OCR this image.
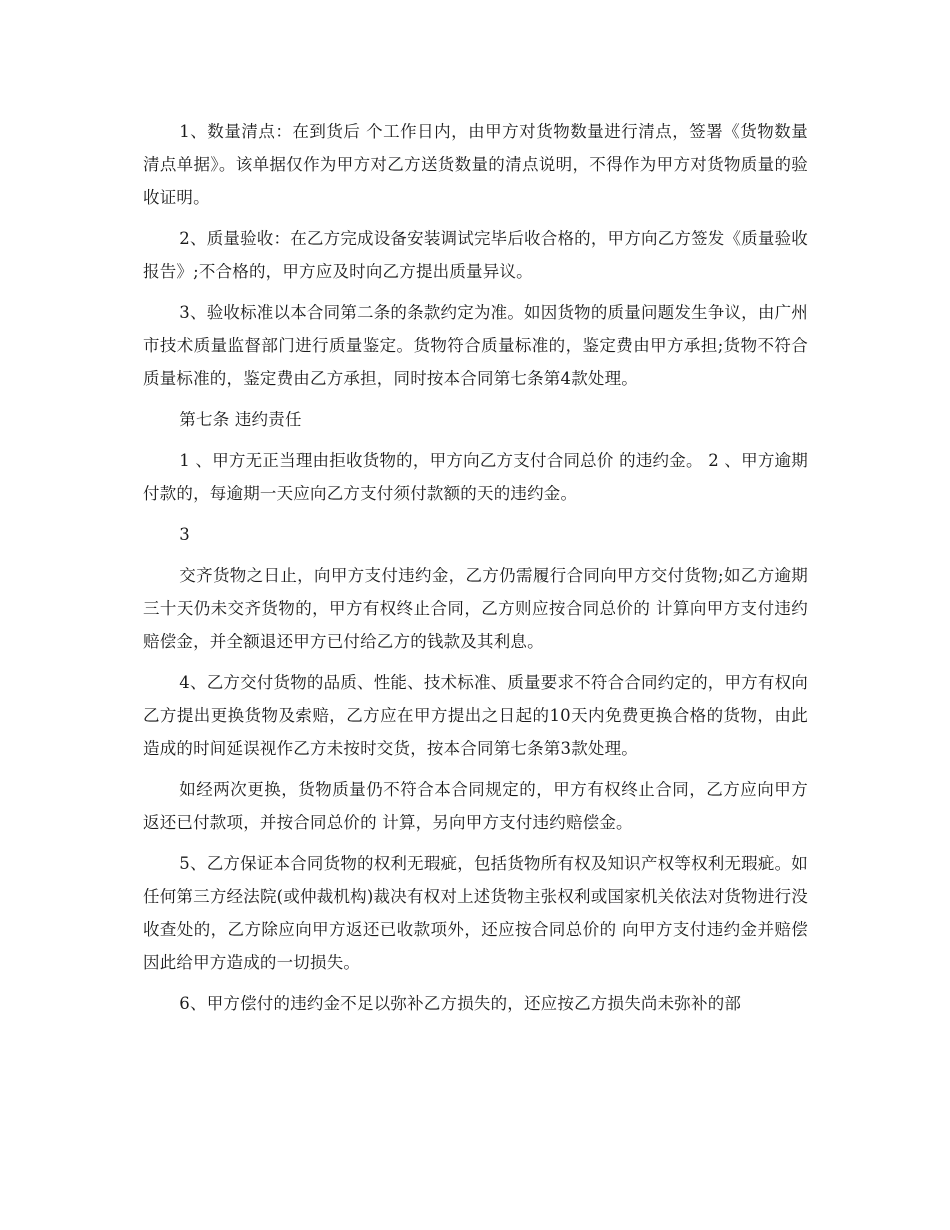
1、数量清点：在到货后 个工作日内，由甲方对货物数量进行清点，签署《货物数量清点单据》。该单据仅作为甲方对乙方送货数量的清点说明，不得作为甲方对货物质量的验收证明。

2、质量验收：在乙方完成设备安装调试完毕后收合格的，甲方向乙方签发《质量验收报告》;不合格的，甲方应及时向乙方提出质量异议。

3、验收标准以本合同第二条的条款约定为准。如因货物的质量问题发生争议，由广州市技术质量监督部门进行质量鉴定。货物符合质量标准的，鉴定费由甲方承担;货物不符合质量标准的，鉴定费由乙方承担，同时按本合同第七条第4款处理。

第七条 违约责任

1 、甲方无正当理由拒收货物的，甲方向乙方支付合同总价 的违约金。 2 、甲方逾期付款的，每逾期一天应向乙方支付须付款额的天的违约金。

3

交齐货物之日止，向甲方支付违约金，乙方仍需履行合同向甲方交付货物;如乙方逾期三十天仍未交齐货物的，甲方有权终止合同，乙方则应按合同总价的 计算向甲方支付违约赔偿金，并全额退还甲方已付给乙方的钱款及其利息。

4、乙方交付货物的品质、性能、技术标准、质量要求不符合合同约定的，甲方有权向乙方提出更换货物及索赔，乙方应在甲方提出之日起的10天内免费更换合格的货物，由此造成的时间延误视作乙方未按时交货，按本合同第七条第3款处理。

如经两次更换，货物质量仍不符合本合同规定的，甲方有权终止合同，乙方应向甲方返还已付款项，并按合同总价的 计算，另向甲方支付违约赔偿金。

5、乙方保证本合同货物的权利无瑕疵，包括货物所有权及知识产权等权利无瑕疵。如任何第三方经法院(或仲裁机构)裁决有权对上述货物主张权利或国家机关依法对货物进行没收查处的，乙方除应向甲方返还已收款项外，还应按合同总价的 向甲方支付违约金并赔偿因此给甲方造成的一切损失。

6、甲方偿付的违约金不足以弥补乙方损失的，还应按乙方损失尚未弥补的部
